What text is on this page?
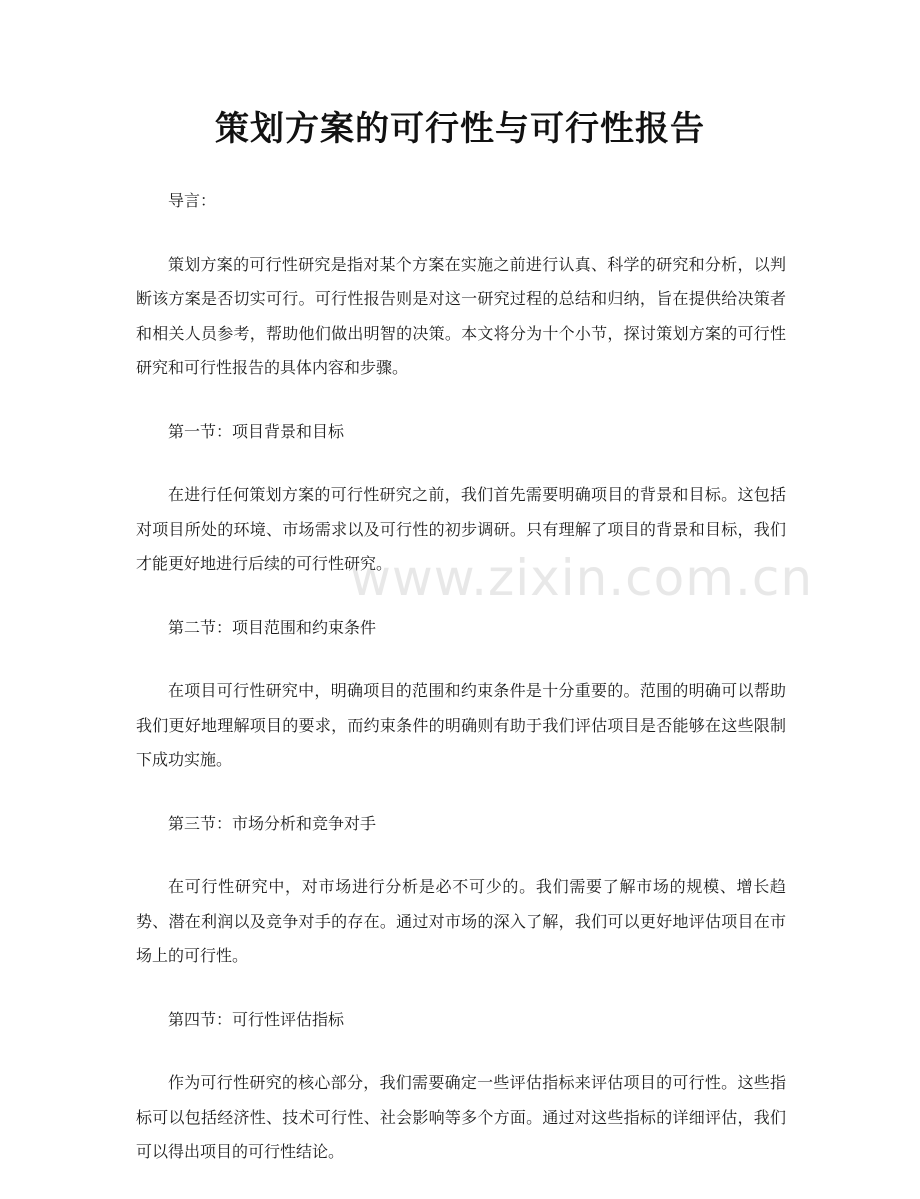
策划方案的可行性与可行性报告

导言：

策划方案的可行性研究是指对某个方案在实施之前进行认真、科学的研究和分析，以判断该方案是否切实可行。可行性报告则是对这一研究过程的总结和归纳，旨在提供给决策者和相关人员参考，帮助他们做出明智的决策。本文将分为十个小节，探讨策划方案的可行性研究和可行性报告的具体内容和步骤。

第一节：项目背景和目标

在进行任何策划方案的可行性研究之前，我们首先需要明确项目的背景和目标。这包括对项目所处的环境、市场需求以及可行性的初步调研。只有理解了项目的背景和目标，我们才能更好地进行后续的可行性研究。

第二节：项目范围和约束条件

在项目可行性研究中，明确项目的范围和约束条件是十分重要的。范围的明确可以帮助我们更好地理解项目的要求，而约束条件的明确则有助于我们评估项目是否能够在这些限制下成功实施。

第三节：市场分析和竞争对手

在可行性研究中，对市场进行分析是必不可少的。我们需要了解市场的规模、增长趋势、潜在利润以及竞争对手的存在。通过对市场的深入了解，我们可以更好地评估项目在市场上的可行性。

第四节：可行性评估指标

作为可行性研究的核心部分，我们需要确定一些评估指标来评估项目的可行性。这些指标可以包括经济性、技术可行性、社会影响等多个方面。通过对这些指标的详细评估，我们可以得出项目的可行性结论。

www.zixin.com.cn
